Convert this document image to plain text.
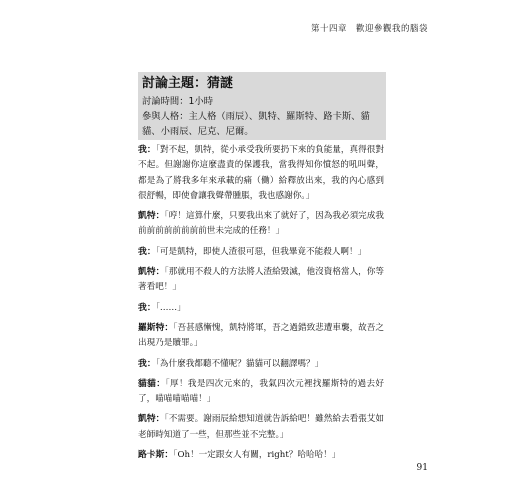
第十四章　歡迎參觀我的腦袋
討論主題：猜謎
討論時間：1小時
參與人格：主人格（雨辰）、凱特、羅斯特、路卡斯、貓貓、小雨辰、尼克、尼爾。

我：「對不起，凱特，從小承受我所要扔下來的負能量，真得很對不起。但謝謝你這麼盡責的保護我，當我得知你憤怒的吼叫聲，都是為了將我多年來承載的痛（働）給釋放出來，我的內心感到很舒暢，即使會讓我聲帶腫脹，我也感謝你。」

凱特：「哼！這算什麼，只要我出來了就好了，因為我必須完成我前前前前前前前前世未完成的任務！」

我：「可是凱特，即使人渣很可惡，但我畢竟不能殺人啊！」

凱特：「那就用不殺人的方法將人渣給毀滅，他沒資格當人，你等著看吧！」

我：「……」

羅斯特：「吾甚感慚愧，凱特將軍，吾之過錯致悲遭車襲，故吾之出現乃是贖罪。」

我：「為什麼我都聽不懂呢？貓貓可以翻譯嗎？」

貓貓：「厚！我是四次元來的，我氣四次元裡找羅斯特的過去好了，喵喵喵喵喵！」

凱特：「不需要。謝雨辰給想知道就告訴給吧！雖然給去看張艾如老師時知道了一些，但那些並不完整。」

路卡斯：「Oh！一定跟女人有關，right？哈哈哈！」

91
